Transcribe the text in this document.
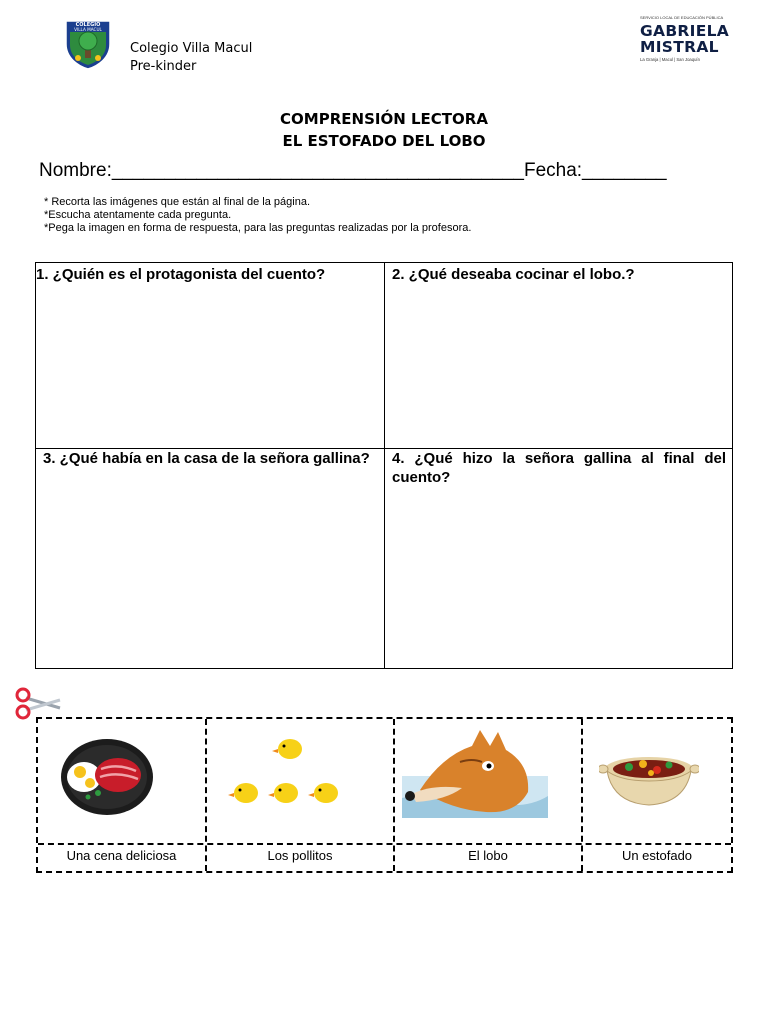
COLEGIO
VILLA MACUL
Colegio Villa Macul
Pre-kinder
SERVICIO LOCAL DE EDUCACIÓN PÚBLICA
GABRIELA
MISTRAL
La Granja | Macul | San Joaquín
COMPRENSIÓN LECTORA
EL ESTOFADO DEL LOBO
Nombre:_______________________________________Fecha:________
* Recorta las imágenes que están al final de la página.
*Escucha atentamente cada pregunta.
*Pega la imagen en forma de respuesta, para las preguntas realizadas por la profesora.
1. ¿Quién es el protagonista del cuento?	2. ¿Qué deseaba cocinar el lobo.?
3. ¿Qué había en la casa de la señora gallina?	4. ¿Qué hizo la señora gallina al final del cuento?
Una cena deliciosa	Los pollitos	El lobo	Un estofado
